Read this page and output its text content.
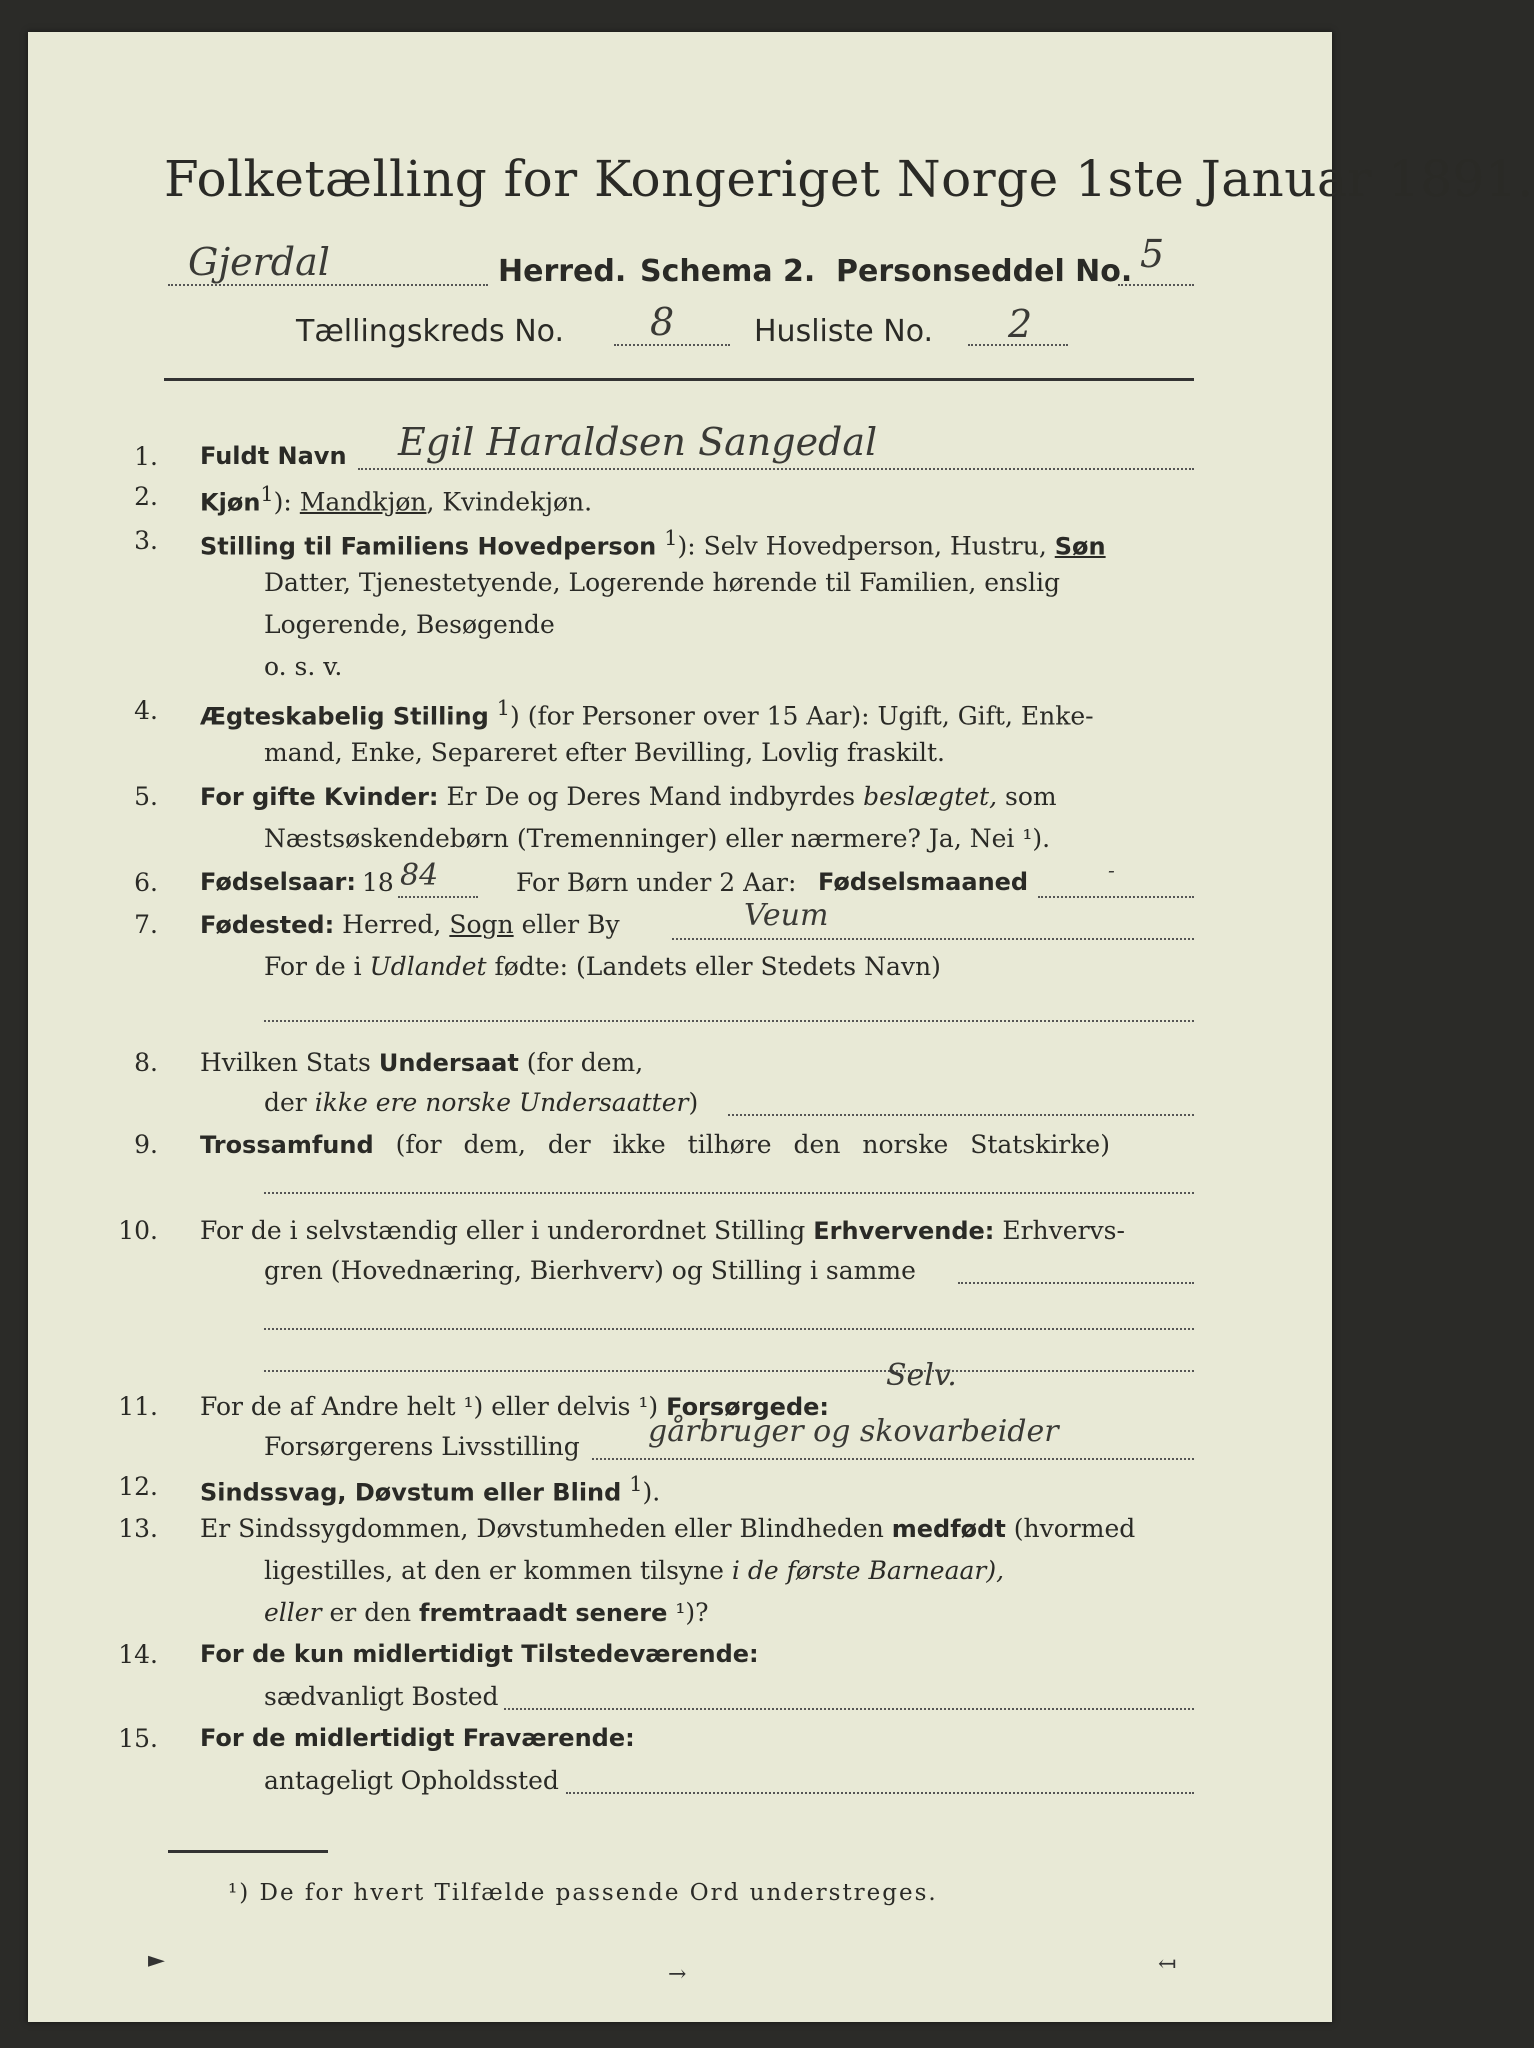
Folketælling for Kongeriget Norge 1ste Januar 1891.
Gjerdal	Herred. Schema 2. Personseddel No. 5
Tællingskreds No. 8	Husliste No. 2
1. Fuldt Navn Egil Haraldsen Sangedal
2. Kjøn$^1$): Mandkjøn, Kvindekjøn.
3. Stilling til Familiens Hovedperson $^1$): Selv Hovedperson, Hustru, Søn
Datter, Tjenestetyende, Logerende hørende til Familien, enslig
Logerende, Besøgende
o. s. v.
4. Ægteskabelig Stilling $^1$) (for Personer over 15 Aar): Ugift, Gift, Enke-
mand, Enke, Separeret efter Bevilling, Lovlig fraskilt.
5. For gifte Kvinder: Er De og Deres Mand indbyrdes beslægtet, som
Næstsøskendebørn (Tremenninger) eller nærmere? Ja, Nei ¹).
6. Fødselsaar: 18 84	For Børn under 2 Aar: Fødselsmaaned	-
7. Fødested: Herred, Sogn eller By	Veum
For de i Udlandet fødte: (Landets eller Stedets Navn)
8. Hvilken Stats Undersaat (for dem,
der ikke ere norske Undersaatter)
9. Trossamfund (for dem, der ikke tilhøre den norske Statskirke)
10. For de i selvstændig eller i underordnet Stilling Erhvervende: Erhvervs-
gren (Hovednæring, Bierhverv) og Stilling i samme
11. For de af Andre helt ¹) eller delvis ¹) Forsørgede:
Selv.
Forsørgerens Livsstilling gårbruger og skovarbeider
12. Sindssvag, Døvstum eller Blind $^1$).
13. Er Sindssygdommen, Døvstumheden eller Blindheden medfødt (hvormed
ligestilles, at den er kommen tilsyne i de første Barneaar),
eller er den fremtraadt senere ¹)?
14. For de kun midlertidigt Tilstedeværende:
sædvanligt Bosted
15. For de midlertidigt Fraværende:
antageligt Opholdssted
¹) De for hvert Tilfælde passende Ord understreges.
►
→	↤
